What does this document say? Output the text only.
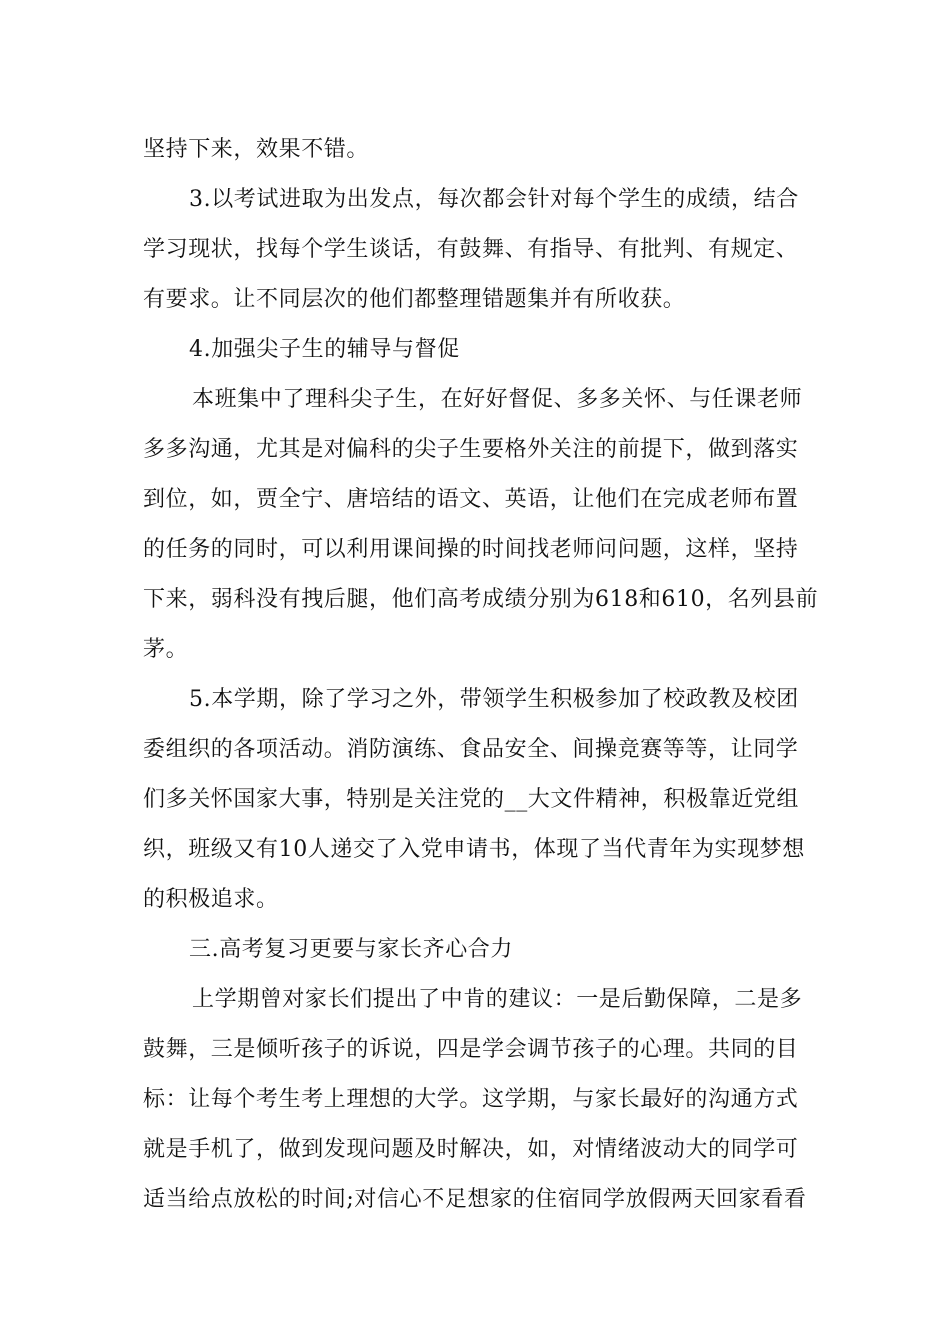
坚持下来，效果不错。
3.以考试进取为出发点，每次都会针对每个学生的成绩，结合
学习现状，找每个学生谈话，有鼓舞、有指导、有批判、有规定、
有要求。让不同层次的他们都整理错题集并有所收获。
4.加强尖子生的辅导与督促
本班集中了理科尖子生，在好好督促、多多关怀、与任课老师
多多沟通，尤其是对偏科的尖子生要格外关注的前提下，做到落实
到位，如，贾全宁、唐培结的语文、英语，让他们在完成老师布置
的任务的同时，可以利用课间操的时间找老师问问题，这样，坚持
下来，弱科没有拽后腿，他们高考成绩分别为618和610，名列县前
茅。
5.本学期，除了学习之外，带领学生积极参加了校政教及校团
委组织的各项活动。消防演练、食品安全、间操竞赛等等，让同学
们多关怀国家大事，特别是关注党的__大文件精神，积极靠近党组
织，班级又有10人递交了入党申请书，体现了当代青年为实现梦想
的积极追求。
三.高考复习更要与家长齐心合力
上学期曾对家长们提出了中肯的建议：一是后勤保障，二是多
鼓舞，三是倾听孩子的诉说，四是学会调节孩子的心理。共同的目
标：让每个考生考上理想的大学。这学期，与家长最好的沟通方式
就是手机了，做到发现问题及时解决，如，对情绪波动大的同学可
适当给点放松的时间;对信心不足想家的住宿同学放假两天回家看看
